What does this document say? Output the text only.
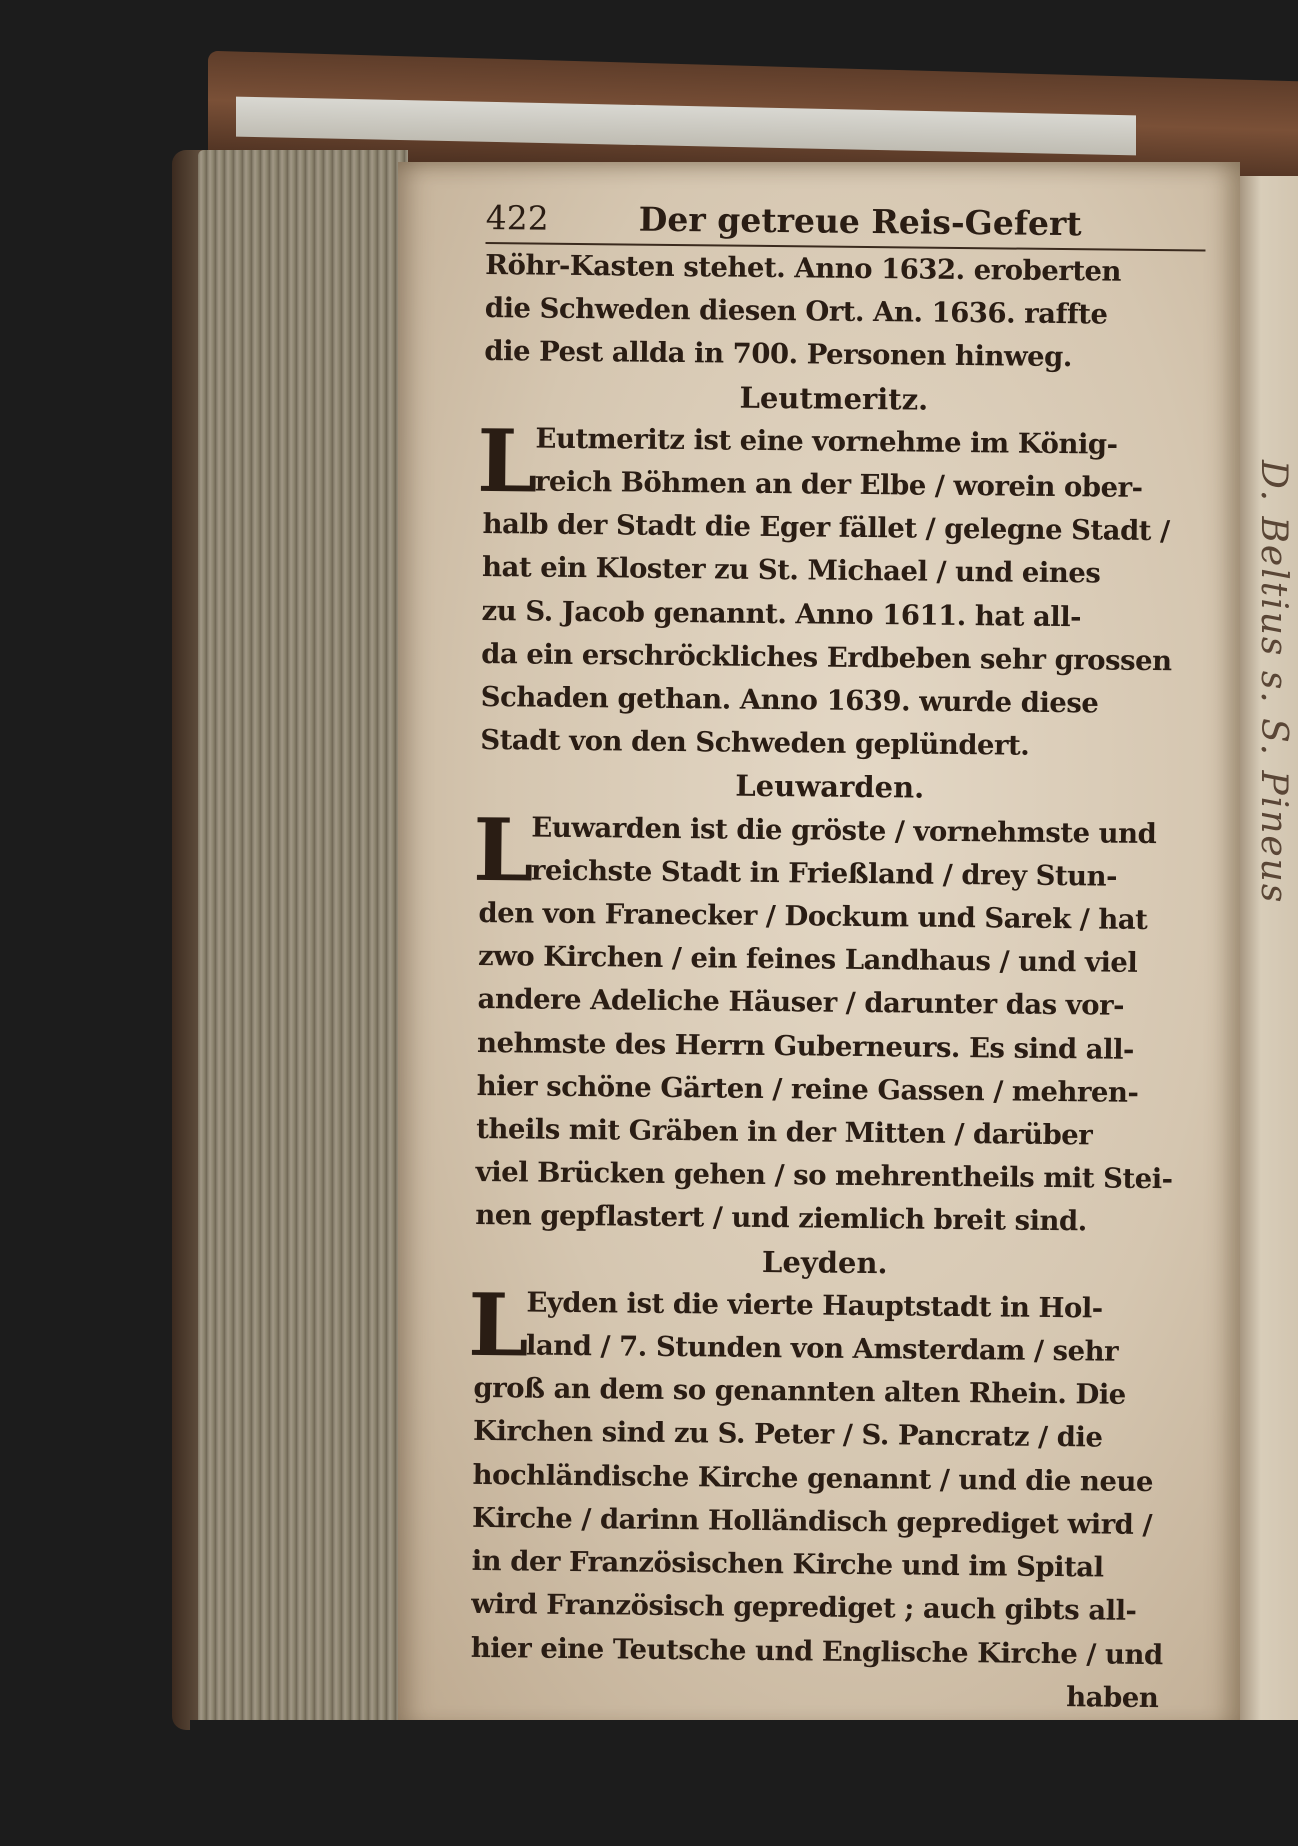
D. Beltius s. S. Pineus
422	Der getreue Reis-Gefert
Röhr-Kasten stehet. Anno 1632. eroberten
die Schweden diesen Ort. An. 1636. raffte
die Pest allda in 700. Personen hinweg.
Leutmeritz.
L
Eutmeritz ist eine vornehme im König-
reich Böhmen an der Elbe / worein ober-
halb der Stadt die Eger fället / gelegne Stadt /
hat ein Kloster zu St. Michael / und eines
zu S. Jacob genannt. Anno 1611. hat all-
da ein erschröckliches Erdbeben sehr grossen
Schaden gethan. Anno 1639. wurde diese
Stadt von den Schweden geplündert.
Leuwarden.
L
Euwarden ist die gröste / vornehmste und
reichste Stadt in Frießland / drey Stun-
den von Franecker / Dockum und Sarek / hat
zwo Kirchen / ein feines Landhaus / und viel
andere Adeliche Häuser / darunter das vor-
nehmste des Herrn Guberneurs. Es sind all-
hier schöne Gärten / reine Gassen / mehren-
theils mit Gräben in der Mitten / darüber
viel Brücken gehen / so mehrentheils mit Stei-
nen gepflastert / und ziemlich breit sind.
Leyden.
L
Eyden ist die vierte Hauptstadt in Hol-
land / 7. Stunden von Amsterdam / sehr
groß an dem so genannten alten Rhein. Die
Kirchen sind zu S. Peter / S. Pancratz / die
hochländische Kirche genannt / und die neue
Kirche / darinn Holländisch geprediget wird /
in der Französischen Kirche und im Spital
wird Französisch geprediget ; auch gibts all-
hier eine Teutsche und Englische Kirche / und
haben
